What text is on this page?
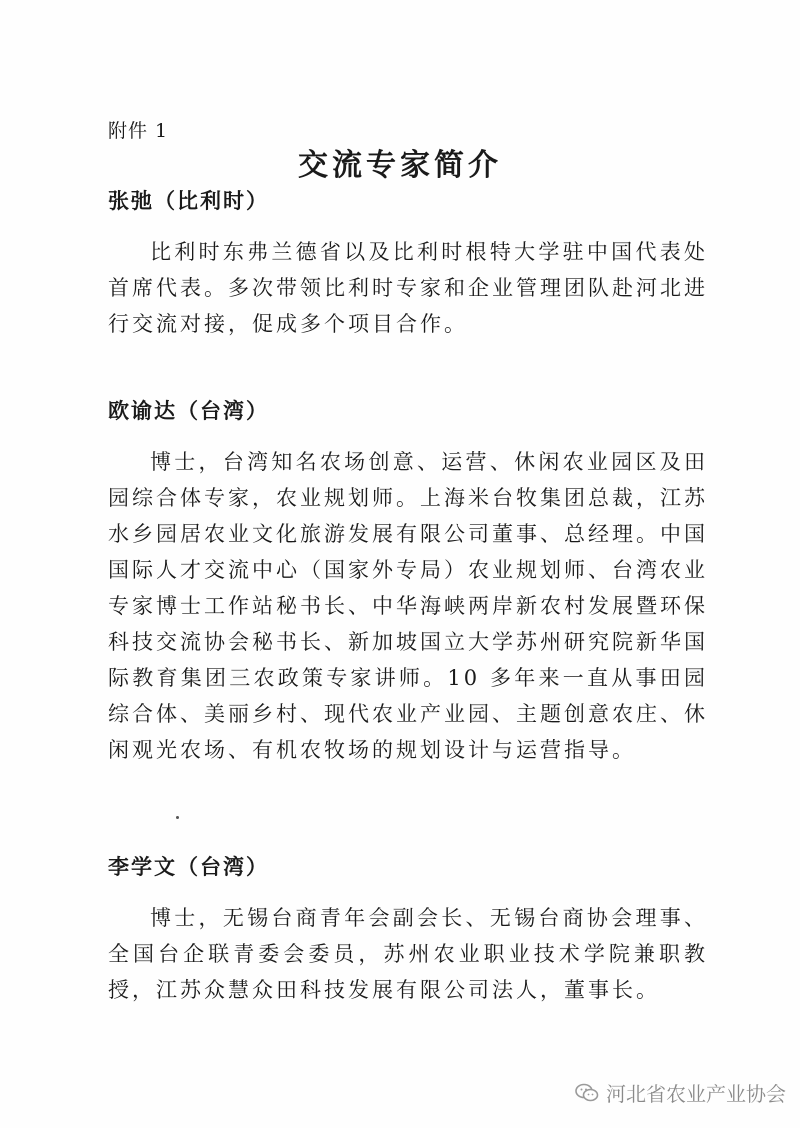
附件 1
交流专家简介

张弛（比利时）

比利时东弗兰德省以及比利时根特大学驻中国代表处首席代表。多次带领比利时专家和企业管理团队赴河北进行交流对接，促成多个项目合作。

欧谕达（台湾）

博士，台湾知名农场创意、运营、休闲农业园区及田园综合体专家，农业规划师。上海米台牧集团总裁，江苏水乡园居农业文化旅游发展有限公司董事、总经理。中国国际人才交流中心（国家外专局）农业规划师、台湾农业专家博士工作站秘书长、中华海峡两岸新农村发展暨环保科技交流协会秘书长、新加坡国立大学苏州研究院新华国际教育集团三农政策专家讲师。10 多年来一直从事田园综合体、美丽乡村、现代农业产业园、主题创意农庄、休闲观光农场、有机农牧场的规划设计与运营指导。

李学文（台湾）

博士，无锡台商青年会副会长、无锡台商协会理事、全国台企联青委会委员，苏州农业职业技术学院兼职教授，江苏众慧众田科技发展有限公司法人，董事长。

河北省农业产业协会
